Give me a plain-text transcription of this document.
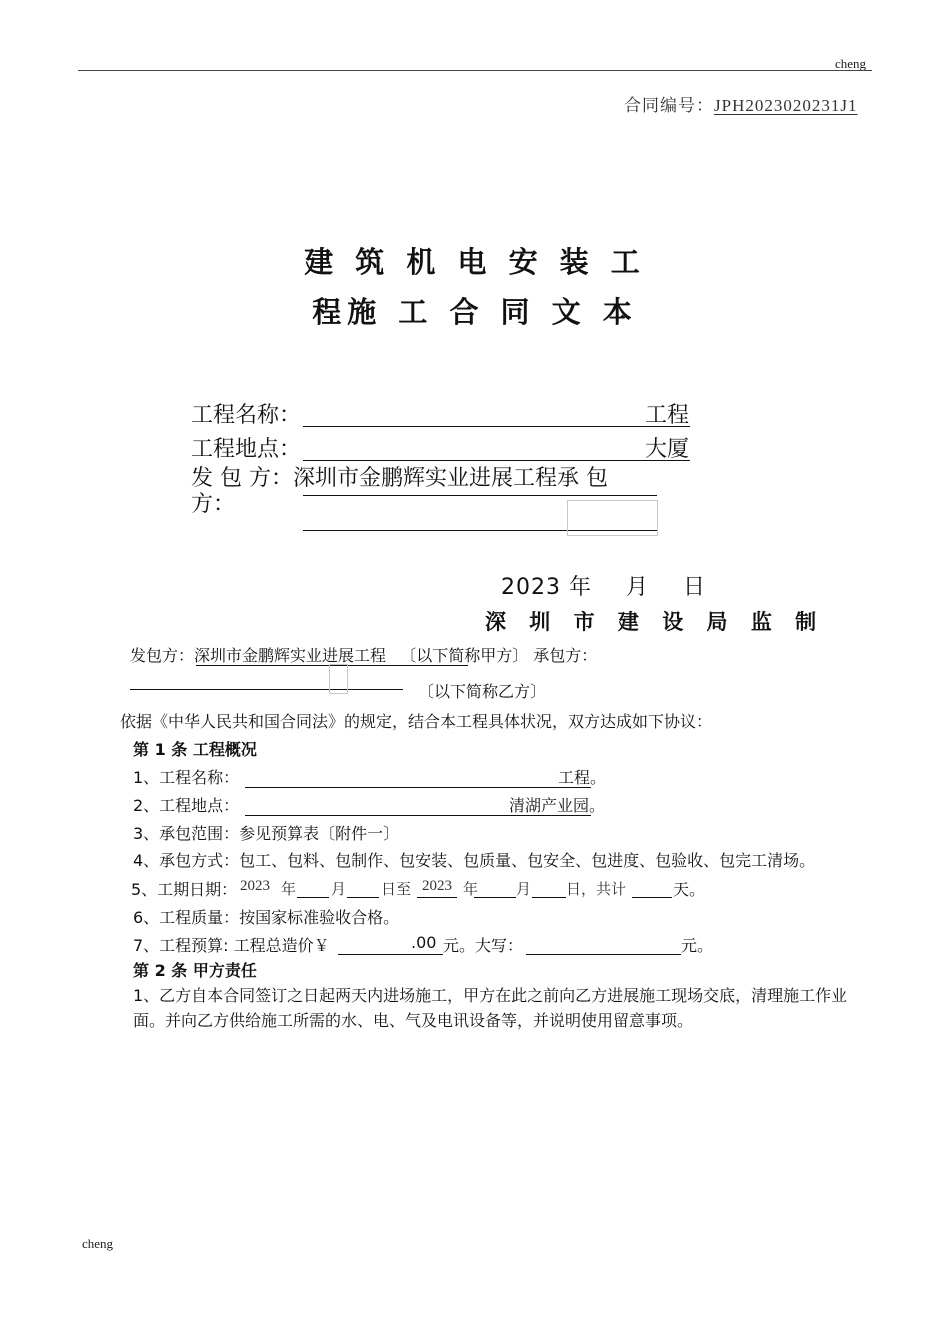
cheng
合同编号：JPH2023020231J1
建 筑 机 电 安 装 工
程施 工 合 同 文 本
工程名称：	工程
工程地点：	大厦
发 包 方：深圳市金鹏辉实业进展工程承 包
方：
2023 年 月 日
深 圳 市 建 设 局 监 制
发包方：深圳市金鹏辉实业进展工程 〔以下简称甲方〕 承包方：
〔以下简称乙方〕
依据《中华人民共和国合同法》的规定，结合本工程具体状况，双方达成如下协议：
第 1 条 工程概况
1、工程名称：	工程。
2、工程地点：	清湖产业园。
3、承包范围：参见预算表〔附件一〕
4、承包方式：包工、包料、包制作、包安装、包质量、包安全、包进度、包验收、包完工清场。
5、工期日期： 2023 年 月 日至 2023 年	月 日，共计	天。
6、工程质量：按国家标准验收合格。
7、工程预算: 工程总造价￥	.00 元。大写：	元。
第 2 条 甲方责任
1、乙方自本合同签订之日起两天内进场施工，甲方在此之前向乙方进展施工现场交底，清理施工作业
面。并向乙方供给施工所需的水、电、气及电讯设备等，并说明使用留意事项。
cheng
